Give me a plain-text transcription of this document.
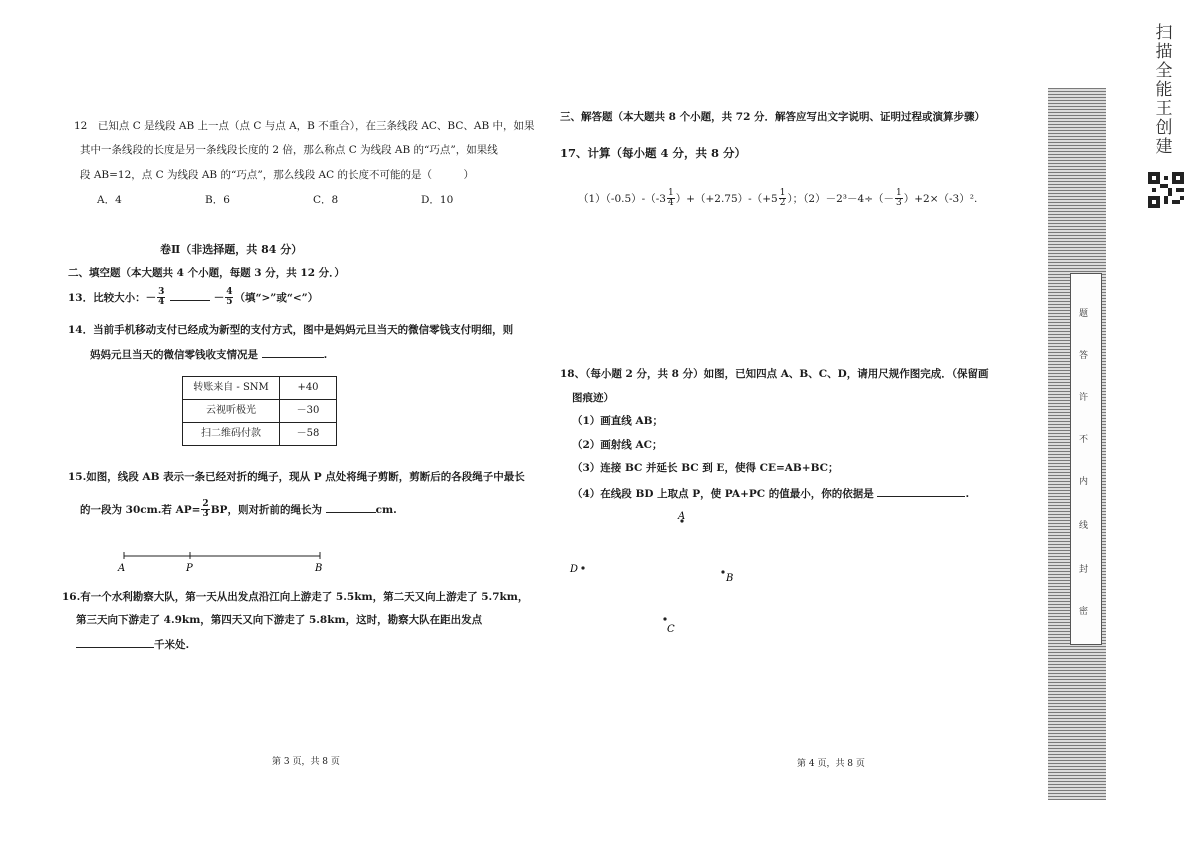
12　已知点 C 是线段 AB 上一点（点 C 与点 A，B 不重合），在三条线段 AC、BC、AB 中，如果
其中一条线段的长度是另一条线段长度的 2 倍，那么称点 C 为线段 AB 的“巧点”，如果线
段 AB=12，点 C 为线段 AB 的“巧点”，那么线段 AC 的长度不可能的是（　　　）
A．4	B．6	C．8	D．10
卷Ⅱ（非选择题，共 84 分）
二、填空题（本大题共 4 个小题，每题 3 分，共 12 分．）
13．比较大小：－ $\frac{3}{4}$	－ $\frac{4}{5}$ （填“>”或“<”）
14．当前手机移动支付已经成为新型的支付方式，图中是妈妈元旦当天的微信零钱支付明细，则
妈妈元旦当天的微信零钱收支情况是	.
转账来自 - SNM	+40
云视听极光	－30
扫二维码付款	－58
15.如图，线段 AB 表示一条已经对折的绳子，现从 P 点处将绳子剪断，剪断后的各段绳子中最长
的一段为 30cm.若 $AP= \frac{2}{3}$ BP，则对折前的绳长为	cm.
A	P	B
16.有一个水利勘察大队，第一天从出发点沿江向上游走了 5.5km，第二天又向上游走了 5.7km，
第三天向下游走了 4.9km，第四天又向下游走了 5.8km，这时，勘察大队在距出发点
千米处.
第 3 页，共 8 页
三、解答题（本大题共 8 个小题，共 72 分．解答应写出文字说明、证明过程或演算步骤）
17、计算（每小题 4 分，共 8 分）
$(1)(-0.5)-(-3 \frac{1}{4} )+(+2.75)-(+5 \frac{1}{2}$ ）；$(2)-2^3-4\div(- \frac{1}{3} )+2\times(-3)^2$.
18、（每小题 2 分，共 8 分）如图，已知四点 A、B、C、D，请用尺规作图完成．（保留画
图痕迹）
（1）画直线 AB；
（2）画射线 AC；
（3）连接 BC 并延长 BC 到 E，使得 CE=AB+BC；
（4）在线段 BD 上取点 P，使 PA+PC 的值最小，你的依据是	.
A
B
C
D
第 4 页，共 8 页
密
封
线
内
不
许
答
题
扫描全能王 创建
